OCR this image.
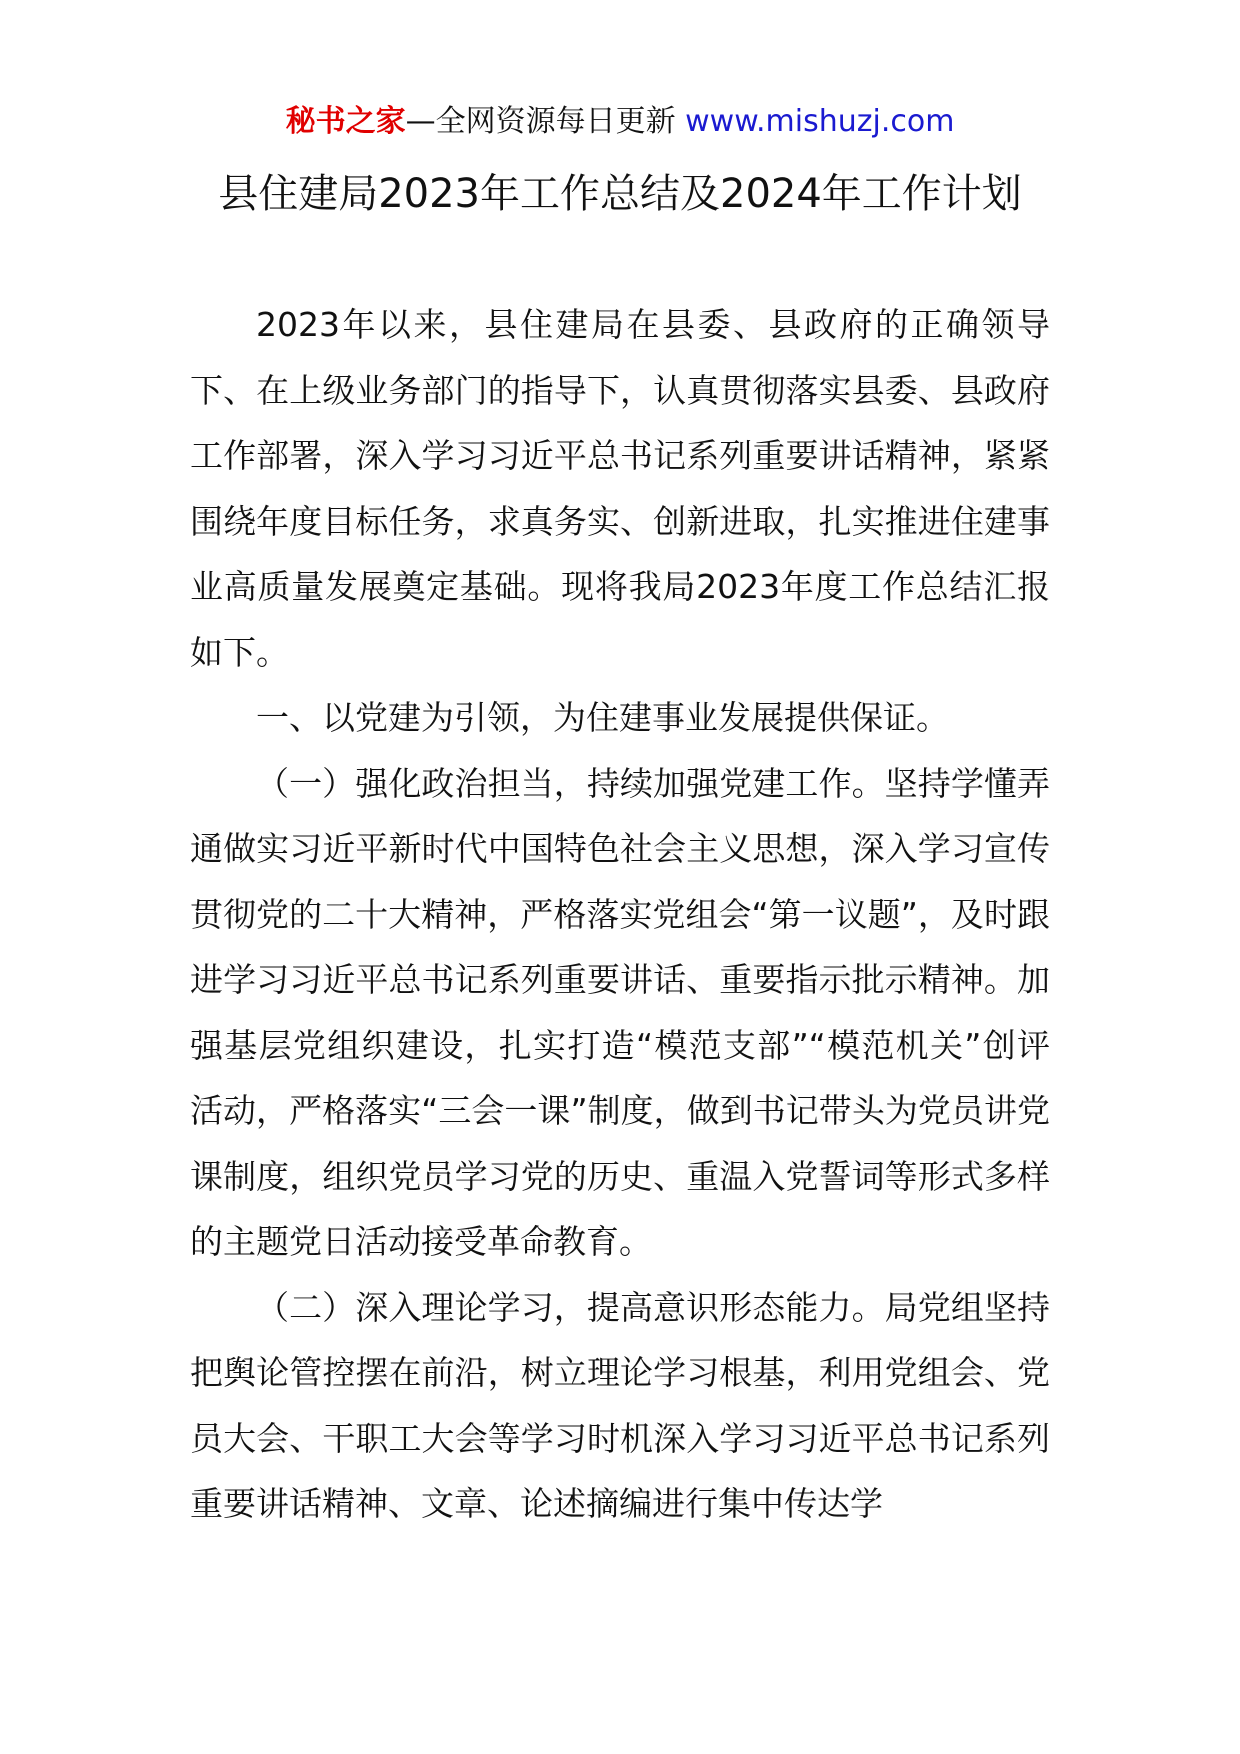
秘书之家—全网资源每日更新 www.mishuzj.com
县住建局2023年工作总结及2024年工作计划

2023年以来，县住建局在县委、县政府的正确领导下、在上级业务部门的指导下，认真贯彻落实县委、县政府工作部署，深入学习习近平总书记系列重要讲话精神，紧紧围绕年度目标任务，求真务实、创新进取，扎实推进住建事业高质量发展奠定基础。现将我局2023年度工作总结汇报如下。

一、以党建为引领，为住建事业发展提供保证。

（一）强化政治担当，持续加强党建工作。坚持学懂弄通做实习近平新时代中国特色社会主义思想，深入学习宣传贯彻党的二十大精神，严格落实党组会“第一议题”，及时跟进学习习近平总书记系列重要讲话、重要指示批示精神。加强基层党组织建设，扎实打造“模范支部”“模范机关”创评活动，严格落实“三会一课”制度，做到书记带头为党员讲党课制度，组织党员学习党的历史、重温入党誓词等形式多样的主题党日活动接受革命教育。

（二）深入理论学习，提高意识形态能力。局党组坚持把舆论管控摆在前沿，树立理论学习根基，利用党组会、党员大会、干职工大会等学习时机深入学习习近平总书记系列重要讲话精神、文章、论述摘编进行集中传达学
